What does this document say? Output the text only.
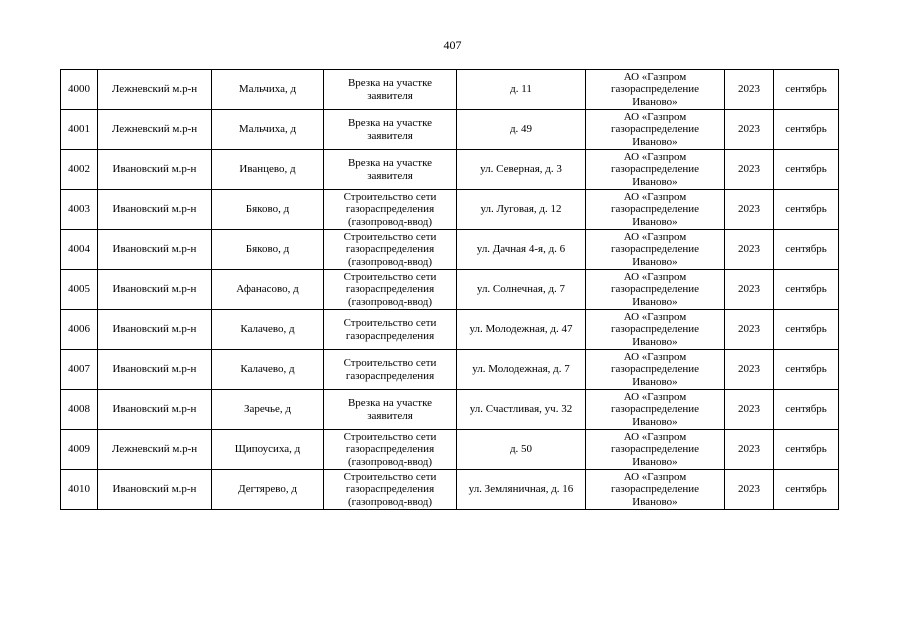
407
4000	Лежневский м.р-н	Мальчиха, д	Врезка на участке заявителя	д. 11	АО «Газпром газораспределение Иваново»	2023	сентябрь
4001	Лежневский м.р-н	Мальчиха, д	Врезка на участке заявителя	д. 49	АО «Газпром газораспределение Иваново»	2023	сентябрь
4002	Ивановский м.р-н	Иванцево, д	Врезка на участке заявителя	ул. Северная, д. 3	АО «Газпром газораспределение Иваново»	2023	сентябрь
4003	Ивановский м.р-н	Бяково, д	Строительство сети газораспределения (газопровод-ввод)	ул. Луговая, д. 12	АО «Газпром газораспределение Иваново»	2023	сентябрь
4004	Ивановский м.р-н	Бяково, д	Строительство сети газораспределения (газопровод-ввод)	ул. Дачная 4-я, д. 6	АО «Газпром газораспределение Иваново»	2023	сентябрь
4005	Ивановский м.р-н	Афанасово, д	Строительство сети газораспределения (газопровод-ввод)	ул. Солнечная, д. 7	АО «Газпром газораспределение Иваново»	2023	сентябрь
4006	Ивановский м.р-н	Калачево, д	Строительство сети газораспределения	ул. Молодежная, д. 47	АО «Газпром газораспределение Иваново»	2023	сентябрь
4007	Ивановский м.р-н	Калачево, д	Строительство сети газораспределения	ул. Молодежная, д. 7	АО «Газпром газораспределение Иваново»	2023	сентябрь
4008	Ивановский м.р-н	Заречье, д	Врезка на участке заявителя	ул. Счастливая, уч. 32	АО «Газпром газораспределение Иваново»	2023	сентябрь
4009	Лежневский м.р-н	Щипоусиха, д	Строительство сети газораспределения (газопровод-ввод)	д. 50	АО «Газпром газораспределение Иваново»	2023	сентябрь
4010	Ивановский м.р-н	Дегтярево, д	Строительство сети газораспределения (газопровод-ввод)	ул. Земляничная, д. 16	АО «Газпром газораспределение Иваново»	2023	сентябрь
